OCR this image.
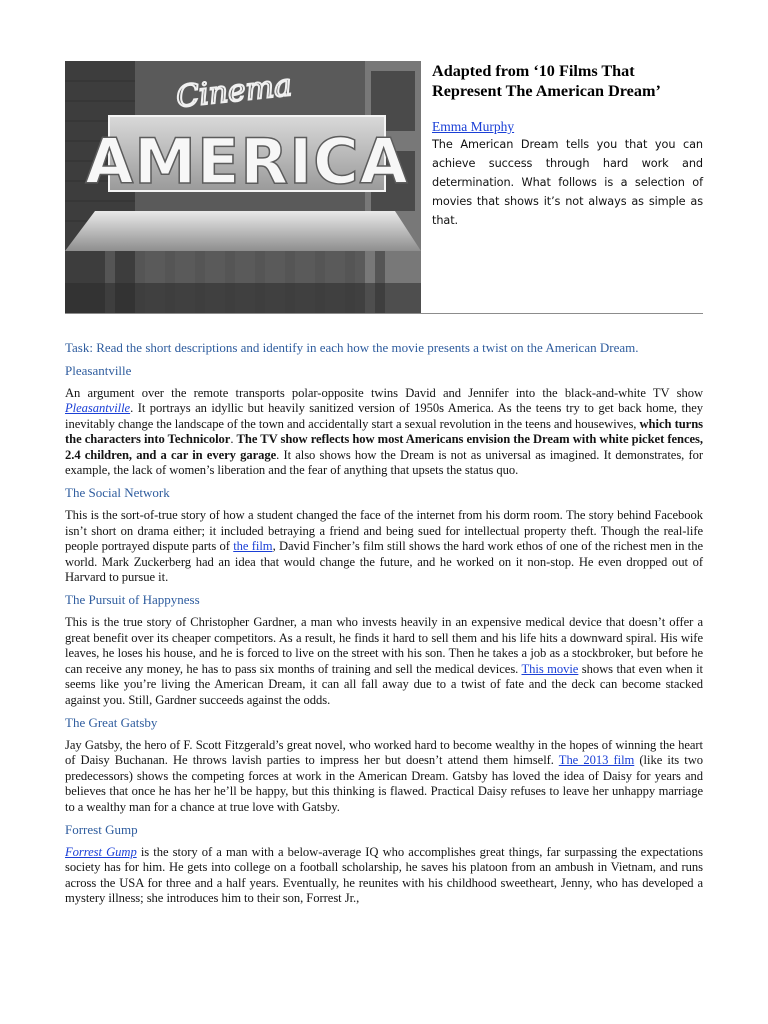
Cinema
AMERICA
Adapted from ‘10 Films That Represent The American Dream’
Emma Murphy

The American Dream tells you that you can achieve success through hard work and determination. What follows is a selection of movies that shows it’s not always as simple as that.

Task: Read the short descriptions and identify in each how the movie presents a twist on the American Dream.

Pleasantville

An argument over the remote transports polar-opposite twins David and Jennifer into the black-and-white TV show Pleasantville. It portrays an idyllic but heavily sanitized version of 1950s America. As the teens try to get back home, they inevitably change the landscape of the town and accidentally start a sexual revolution in the teens and housewives, which turns the characters into Technicolor. The TV show reflects how most Americans envision the Dream with white picket fences, 2.4 children, and a car in every garage. It also shows how the Dream is not as universal as imagined. It demonstrates, for example, the lack of women’s liberation and the fear of anything that upsets the status quo.

The Social Network

This is the sort-of-true story of how a student changed the face of the internet from his dorm room. The story behind Facebook isn’t short on drama either; it included betraying a friend and being sued for intellectual property theft. Though the real-life people portrayed dispute parts of the film, David Fincher’s film still shows the hard work ethos of one of the richest men in the world. Mark Zuckerberg had an idea that would change the future, and he worked on it non-stop. He even dropped out of Harvard to pursue it.

The Pursuit of Happyness

This is the true story of Christopher Gardner, a man who invests heavily in an expensive medical device that doesn’t offer a great benefit over its cheaper competitors. As a result, he finds it hard to sell them and his life hits a downward spiral. His wife leaves, he loses his house, and he is forced to live on the street with his son. Then he takes a job as a stockbroker, but before he can receive any money, he has to pass six months of training and sell the medical devices. This movie shows that even when it seems like you’re living the American Dream, it can all fall away due to a twist of fate and the deck can become stacked against you. Still, Gardner succeeds against the odds.

The Great Gatsby

Jay Gatsby, the hero of F. Scott Fitzgerald’s great novel, who worked hard to become wealthy in the hopes of winning the heart of Daisy Buchanan. He throws lavish parties to impress her but doesn’t attend them himself. The 2013 film (like its two predecessors) shows the competing forces at work in the American Dream. Gatsby has loved the idea of Daisy for years and believes that once he has her he’ll be happy, but this thinking is flawed. Practical Daisy refuses to leave her unhappy marriage to a wealthy man for a chance at true love with Gatsby.

Forrest Gump

Forrest Gump is the story of a man with a below-average IQ who accomplishes great things, far surpassing the expectations society has for him. He gets into college on a football scholarship, he saves his platoon from an ambush in Vietnam, and runs across the USA for three and a half years. Eventually, he reunites with his childhood sweetheart, Jenny, who has developed a mystery illness; she introduces him to their son, Forrest Jr.,
